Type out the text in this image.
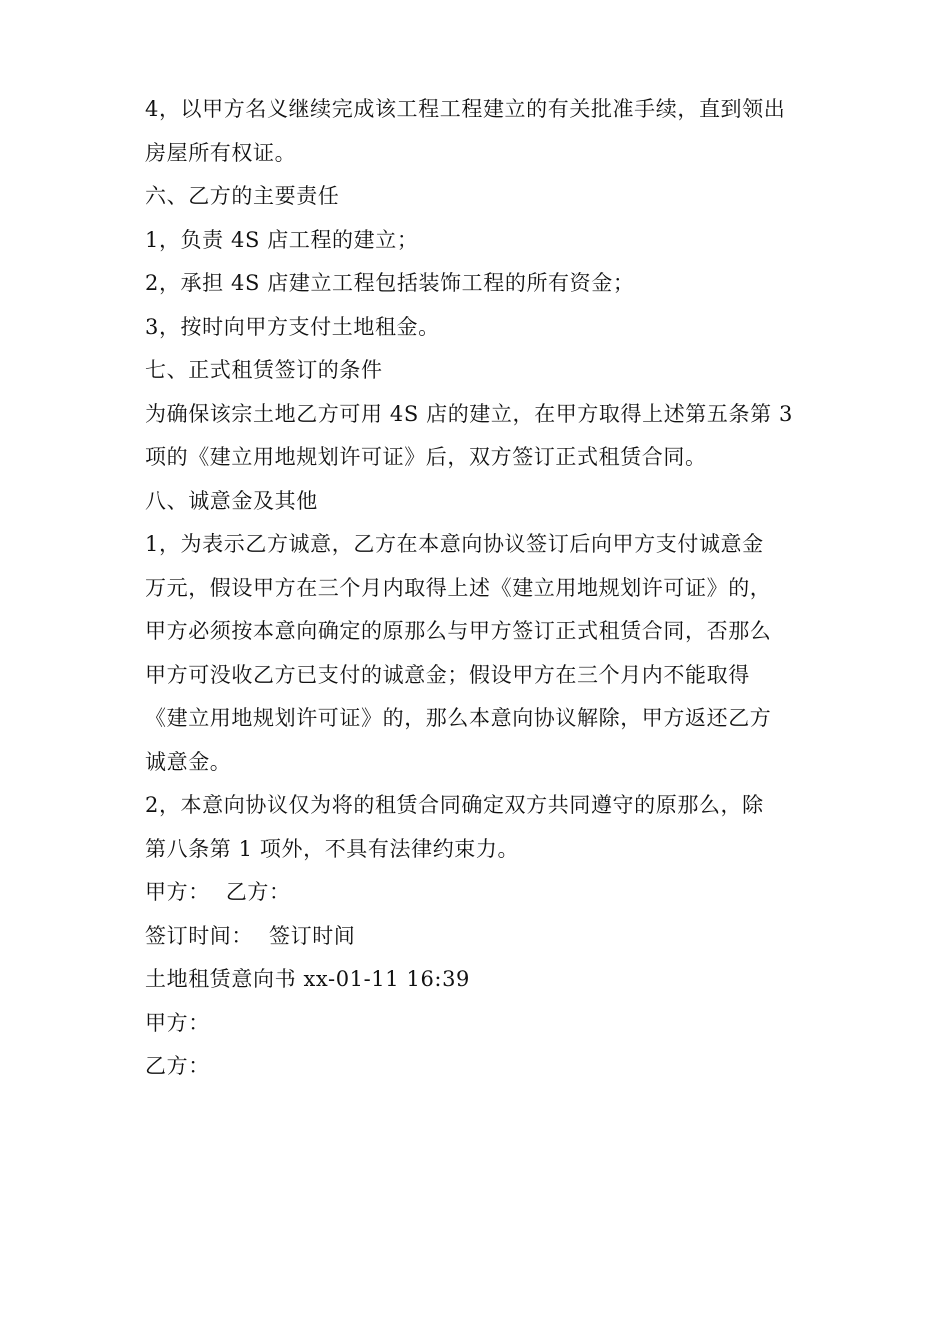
4，以甲方名义继续完成该工程工程建立的有关批准手续，直到领出
房屋所有权证。
六、乙方的主要责任
1，负责 4S 店工程的建立；
2，承担 4S 店建立工程包括装饰工程的所有资金；
3，按时向甲方支付土地租金。
七、正式租赁签订的条件
为确保该宗土地乙方可用 4S 店的建立，在甲方取得上述第五条第 3
项的《建立用地规划许可证》后，双方签订正式租赁合同。
八、诚意金及其他
1，为表示乙方诚意，乙方在本意向协议签订后向甲方支付诚意金
万元，假设甲方在三个月内取得上述《建立用地规划许可证》的，
甲方必须按本意向确定的原那么与甲方签订正式租赁合同，否那么
甲方可没收乙方已支付的诚意金；假设甲方在三个月内不能取得
《建立用地规划许可证》的，那么本意向协议解除，甲方返还乙方
诚意金。
2，本意向协议仅为将的租赁合同确定双方共同遵守的原那么，除
第八条第 1 项外，不具有法律约束力。
甲方： 乙方：
签订时间： 签订时间
土地租赁意向书 xx-01-11 16:39
甲方：
乙方：
